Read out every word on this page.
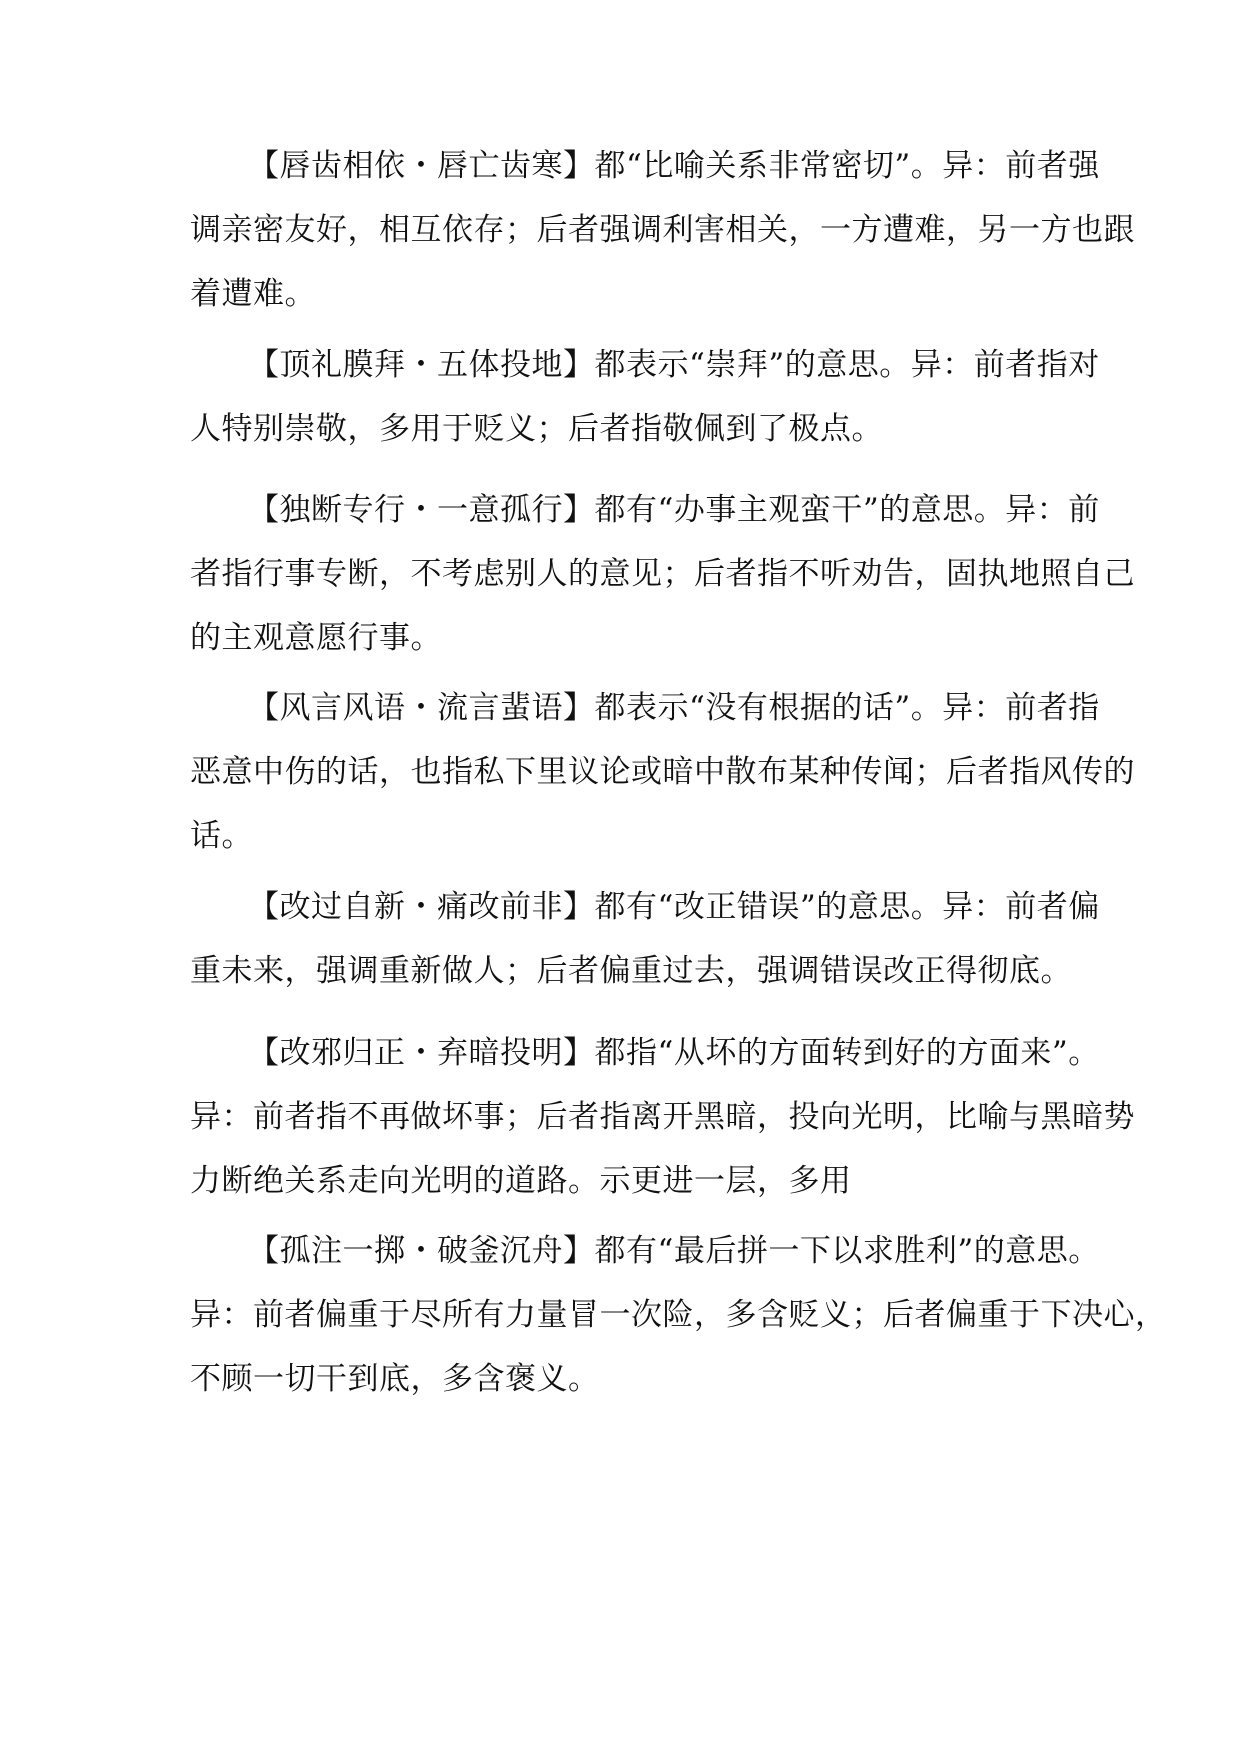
【唇齿相依・唇亡齿寒】都“比喻关系非常密切”。异：前者强
调亲密友好，相互依存；后者强调利害相关，一方遭难，另一方也跟
着遭难。
【顶礼膜拜・五体投地】都表示“崇拜”的意思。异：前者指对
人特别崇敬，多用于贬义；后者指敬佩到了极点。
【独断专行・一意孤行】都有“办事主观蛮干”的意思。异：前
者指行事专断，不考虑别人的意见；后者指不听劝告，固执地照自己
的主观意愿行事。
【风言风语・流言蜚语】都表示“没有根据的话”。异：前者指
恶意中伤的话，也指私下里议论或暗中散布某种传闻；后者指风传的
话。
【改过自新・痛改前非】都有“改正错误”的意思。异：前者偏
重未来，强调重新做人；后者偏重过去，强调错误改正得彻底。
【改邪归正・弃暗投明】都指“从坏的方面转到好的方面来”。
异：前者指不再做坏事；后者指离开黑暗，投向光明，比喻与黑暗势
力断绝关系走向光明的道路。示更进一层，多用
【孤注一掷・破釜沉舟】都有“最后拼一下以求胜利”的意思。
异：前者偏重于尽所有力量冒一次险，多含贬义；后者偏重于下决心，
不顾一切干到底，多含褒义。
